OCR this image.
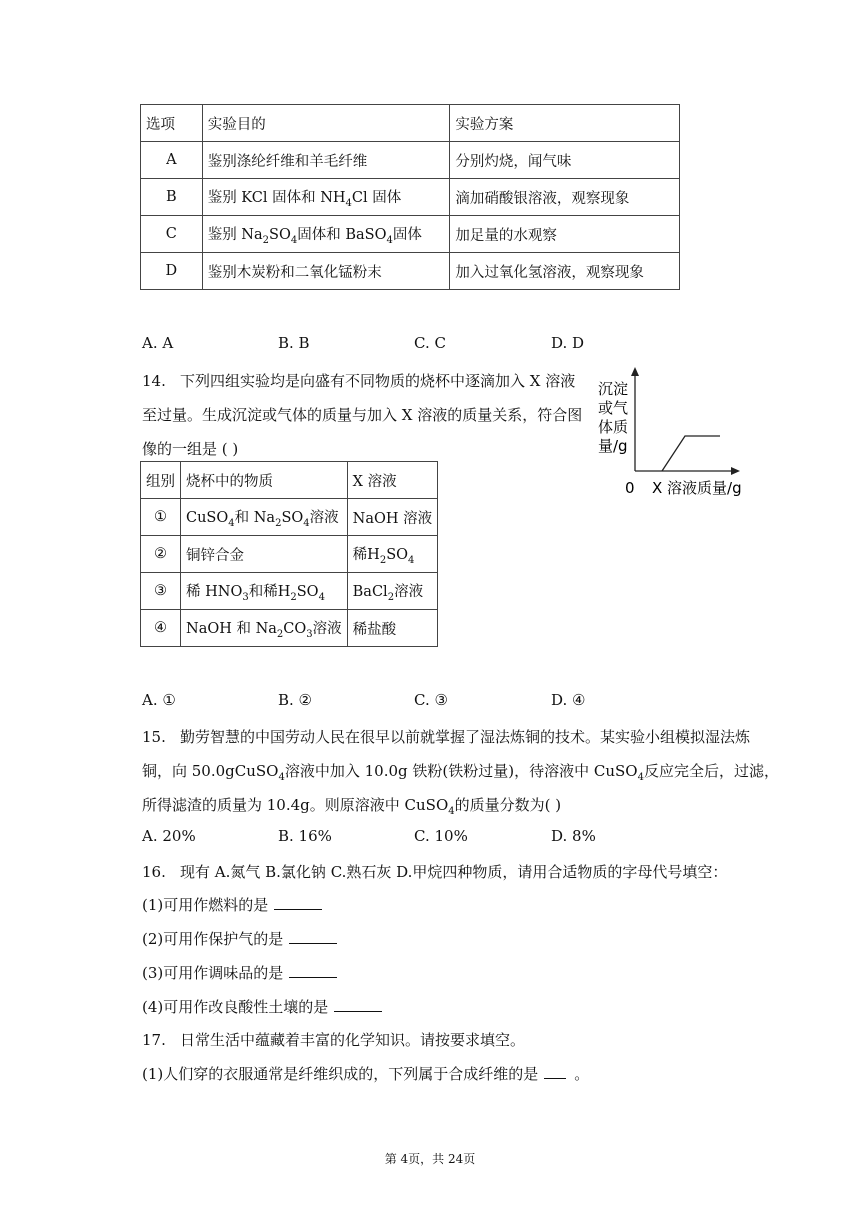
选项	实验目的	实验方案
A	鉴别涤纶纤维和羊毛纤维	分别灼烧，闻气味
B	鉴别 KCl 固体和 $NH_4Cl$ 固体	滴加硝酸银溶液，观察现象
C	鉴别 $Na_2SO_4$固体和 BaSO$_4$固体	加足量的水观察
D	鉴别木炭粉和二氧化锰粉末	加入过氧化氢溶液，观察现象
A. A	B. B	C. C	D. D
14. 下列四组实验均是向盛有不同物质的烧杯中逐滴加入 X 溶液
至过量。生成沉淀或气体的质量与加入 X 溶液的质量关系，符合图
像的一组是 ( )
组别	烧杯中的物质	X 溶液
①	CuSO$_4$和 $Na_2SO_4$溶液	NaOH 溶液
②	铜锌合金	稀$H_2SO_4$
③	稀 $HNO_3$和稀$H_2SO_4$	BaCl$_2$溶液
④	NaOH 和 $Na_2CO_3$溶液	稀盐酸
沉淀
或气
体质
量/g
0 X 溶液质量/g
A. ①	B. ②	C. ③	D. ④
15. 勤劳智慧的中国劳动人民在很早以前就掌握了湿法炼铜的技术。某实验小组模拟湿法炼
铜，向 50.0gCuSO$_4$溶液中加入 10.0g 铁粉(铁粉过量)，待溶液中 CuSO$_4$反应完全后，过滤，
所得滤渣的质量为 10.4g。则原溶液中 CuSO$_4$的质量分数为( )
A. 20%	B. 16%	C. 10%	D. 8%
16. 现有 A.氮气 B.氯化钠 C.熟石灰 D.甲烷四种物质，请用合适物质的字母代号填空：
(1)可用作燃料的是
(2)可用作保护气的是
(3)可用作调味品的是
(4)可用作改良酸性土壤的是
17. 日常生活中蕴藏着丰富的化学知识。请按要求填空。
(1)人们穿的衣服通常是纤维织成的，下列属于合成纤维的是 。
第 4页，共 24页
